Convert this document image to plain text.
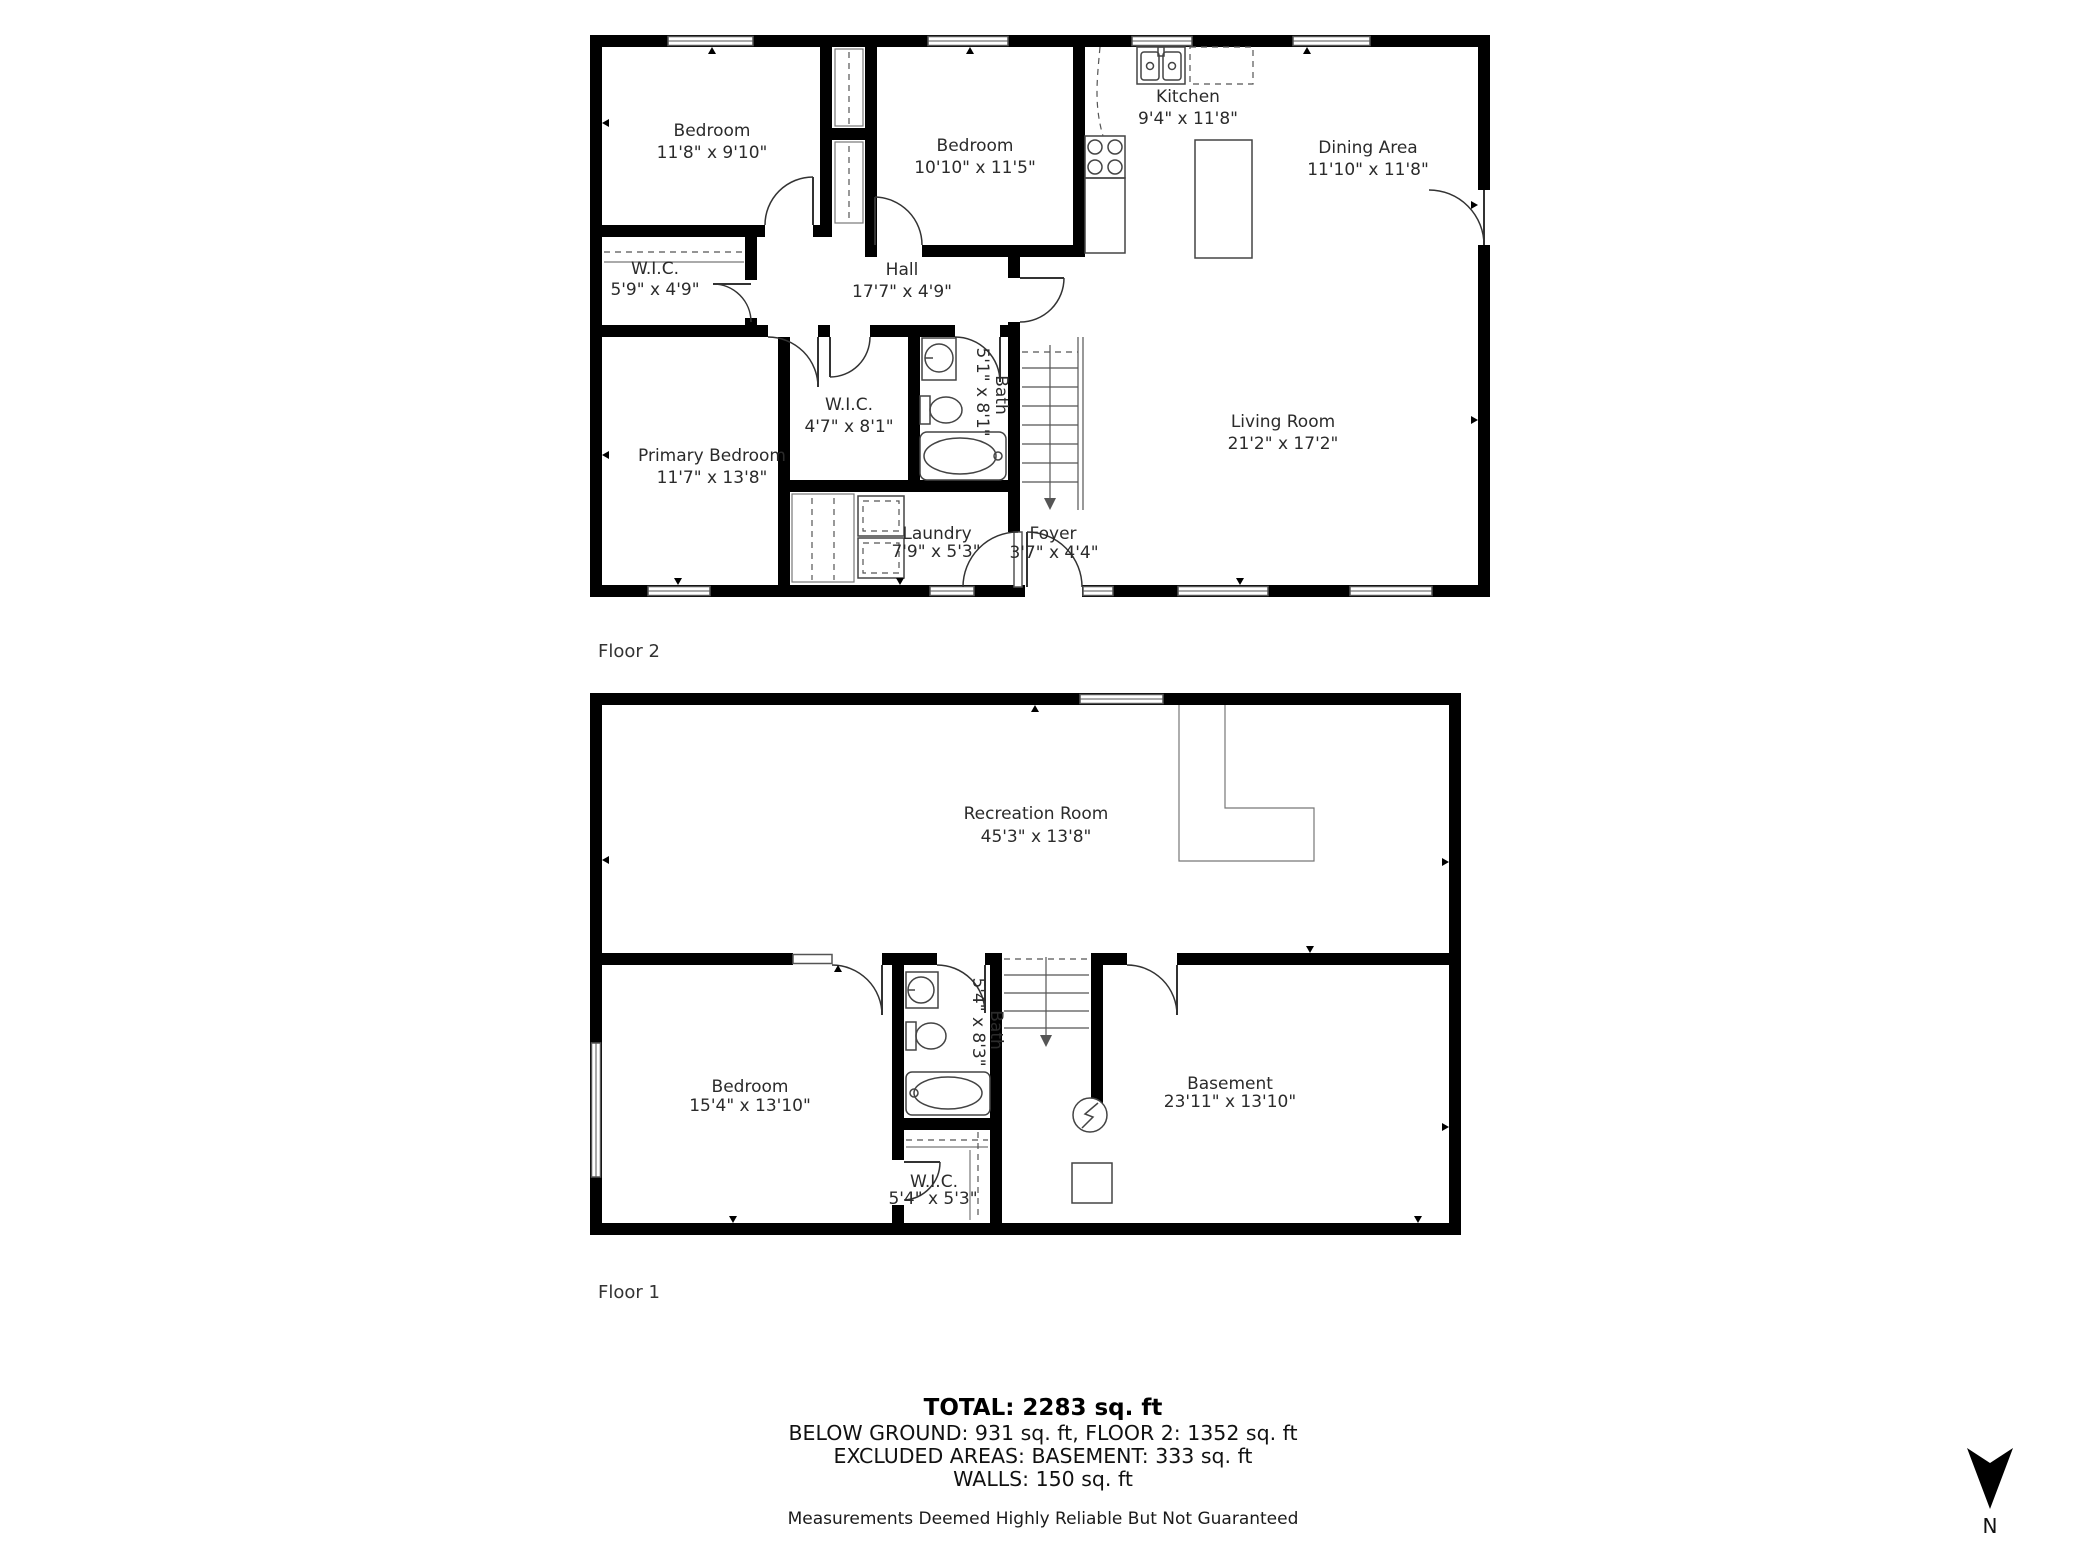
Bedroom
11'8" x 9'10"	Bedroom
10'10" x 11'5"
Kitchen
9'4" x 11'8"
Dining Area
11'10" x 11'8"
W.I.C.
5'9" x 4'9"
Hall
17'7" x 4'9"
Primary Bedroom
11'7" x 13'8"
W.I.C.
4'7" x 8'1"
Bath
5'1" x 8'1"
Laundry
7'9" x 5'3"
Foyer
3'7" x 4'4"
Living Room
21'2" x 17'2"
Floor 2
Recreation Room
45'3" x 13'8"
Bedroom
15'4" x 13'10"
Bath
5'4" x 8'3"
W.I.C.
5'4" x 5'3"
Basement
23'11" x 13'10"
Floor 1
TOTAL: 2283 sq. ft
BELOW GROUND: 931 sq. ft, FLOOR 2: 1352 sq. ft
EXCLUDED AREAS: BASEMENT: 333 sq. ft
WALLS: 150 sq. ft
Measurements Deemed Highly Reliable But Not Guaranteed	N
